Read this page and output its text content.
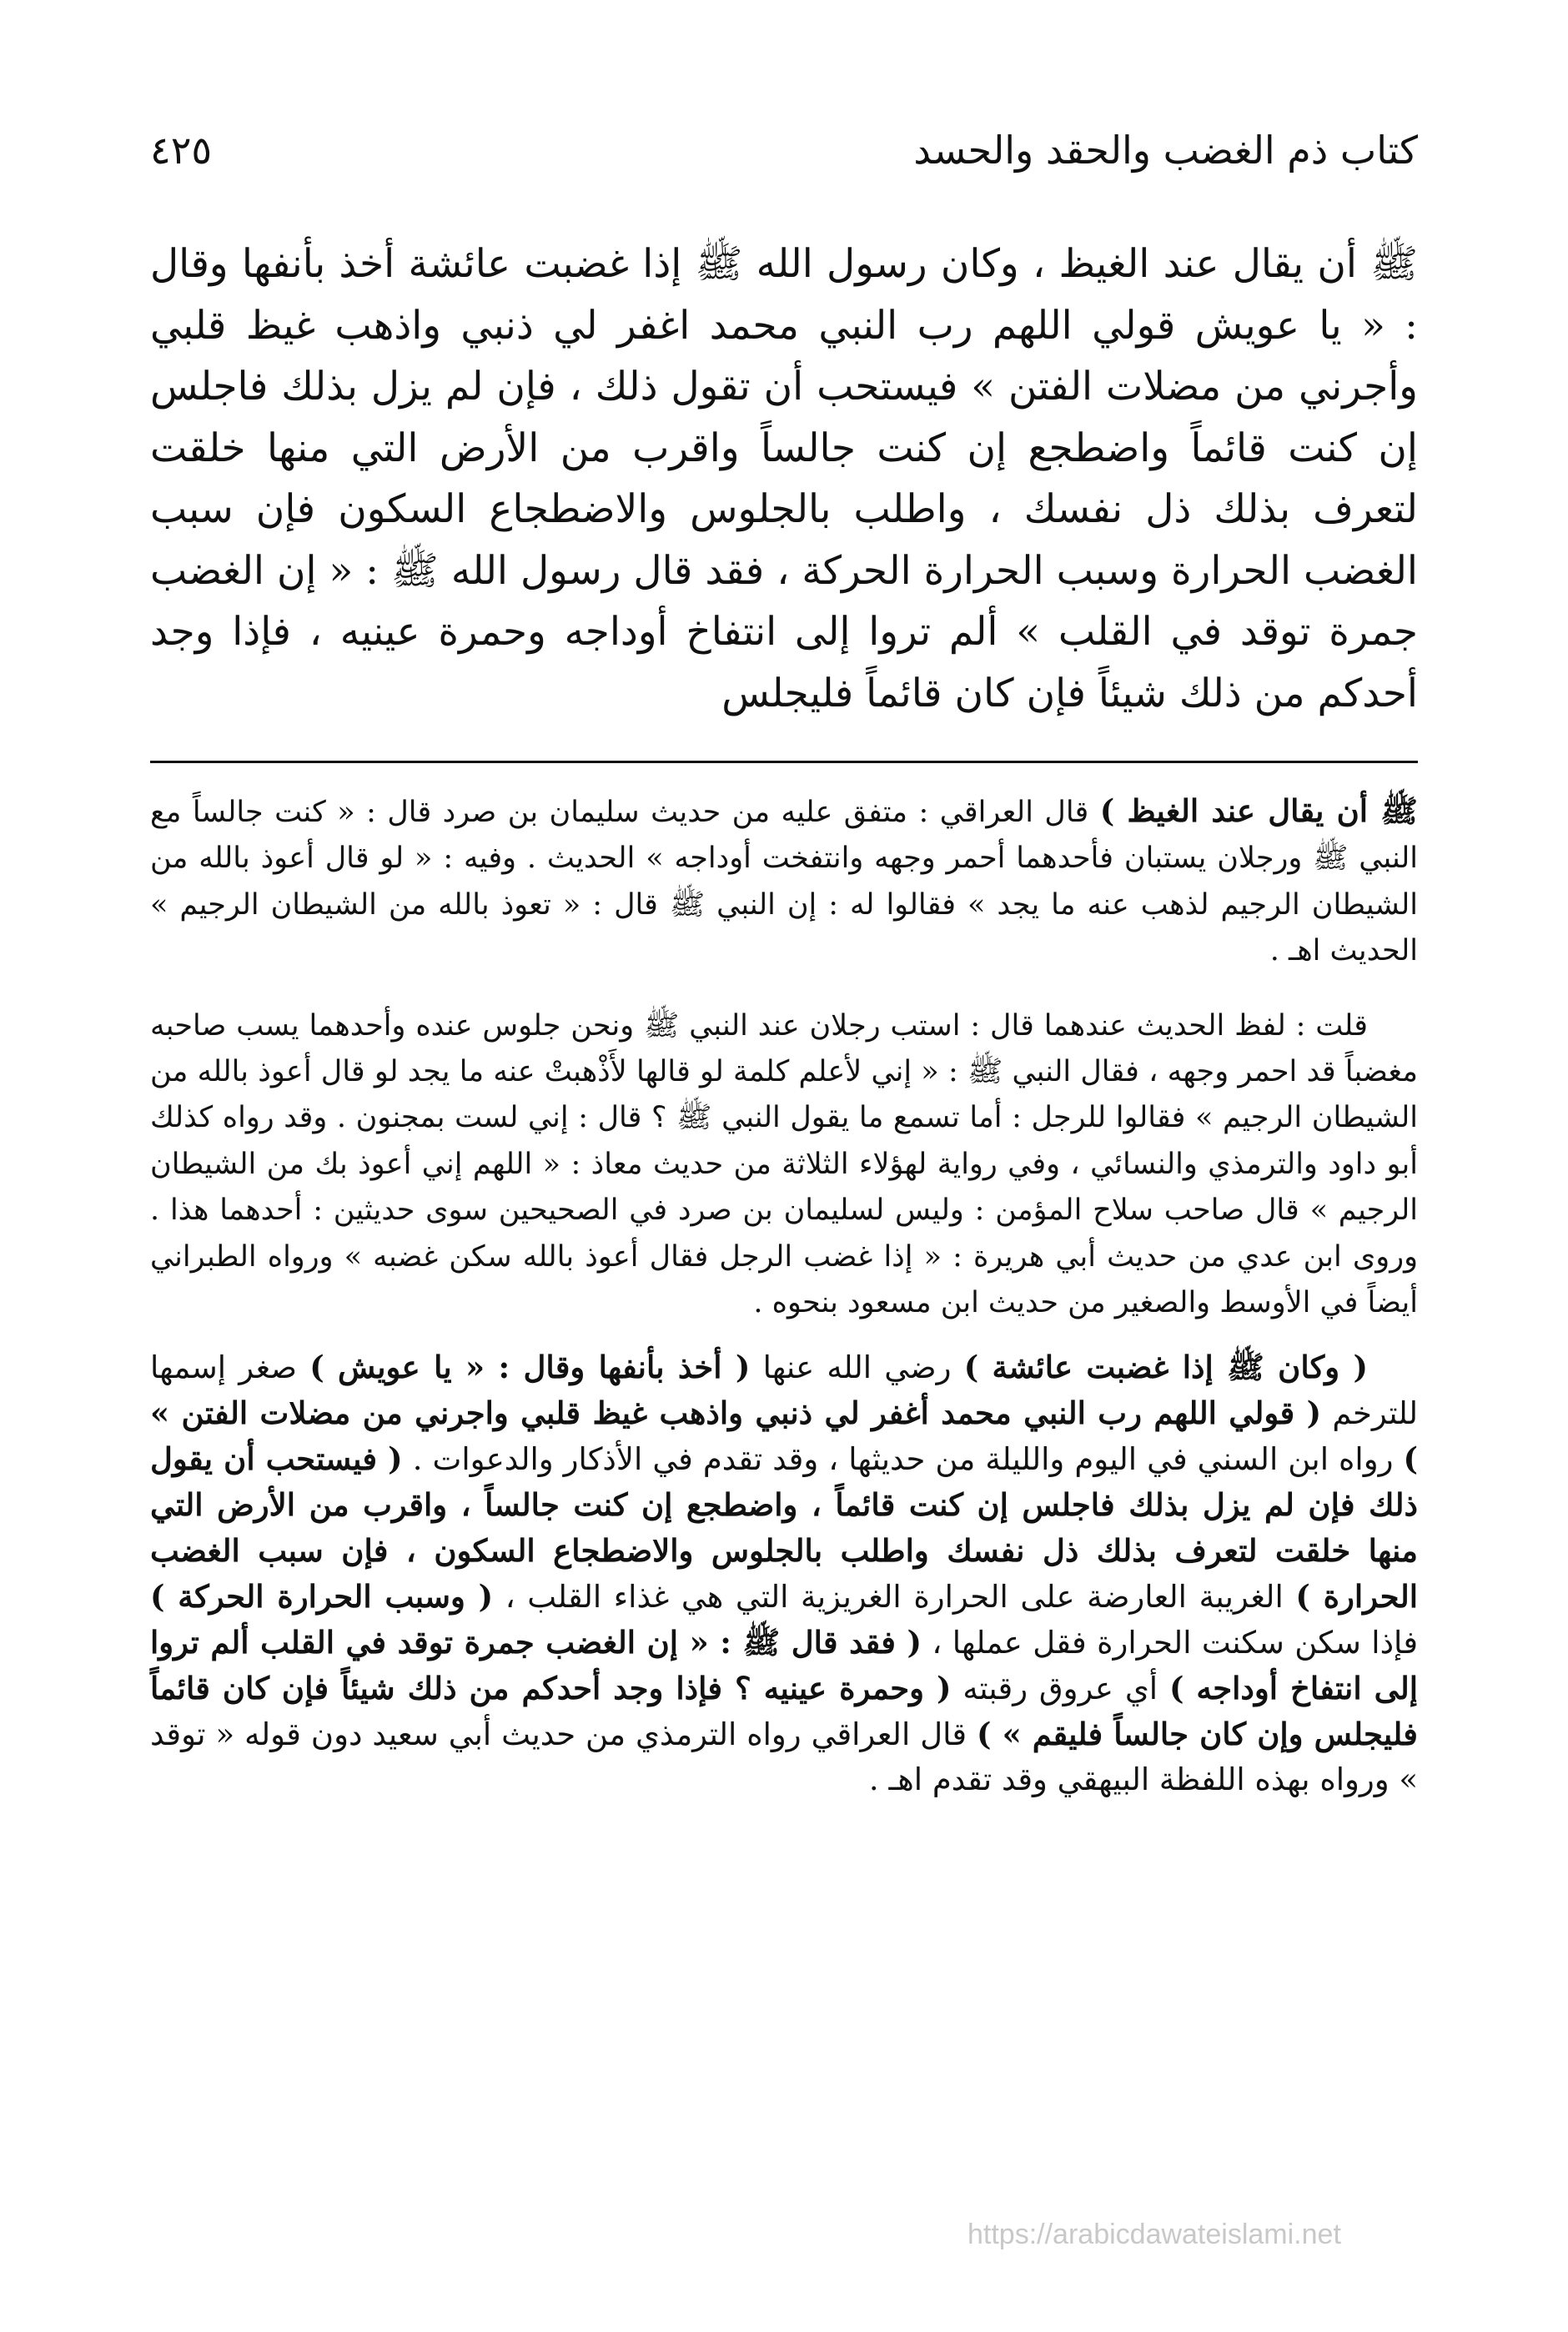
كتاب ذم الغضب والحقد والحسد
٤٢٥
ﷺ أن يقال عند الغيظ ، وكان رسول الله ﷺ إذا غضبت عائشة أخذ بأنفها وقال : « يا عويش قولي اللهم رب النبي محمد اغفر لي ذنبي واذهب غيظ قلبي وأجرني من مضلات الفتن » فيستحب أن تقول ذلك ، فإن لم يزل بذلك فاجلس إن كنت قائماً واضطجع إن كنت جالساً واقرب من الأرض التي منها خلقت لتعرف بذلك ذل نفسك ، واطلب بالجلوس والاضطجاع السكون فإن سبب الغضب الحرارة وسبب الحرارة الحركة ، فقد قال رسول الله ﷺ : « إن الغضب جمرة توقد في القلب » ألم تروا إلى انتفاخ أوداجه وحمرة عينيه ، فإذا وجد أحدكم من ذلك شيئاً فإن كان قائماً فليجلس

ﷺ أن يقال عند الغيظ ) قال العراقي : متفق عليه من حديث سليمان بن صرد قال : « كنت جالساً مع النبي ﷺ ورجلان يستبان فأحدهما أحمر وجهه وانتفخت أوداجه » الحديث . وفيه : « لو قال أعوذ بالله من الشيطان الرجيم لذهب عنه ما يجد » فقالوا له : إن النبي ﷺ قال : « تعوذ بالله من الشيطان الرجيم » الحديث اهـ .

قلت : لفظ الحديث عندهما قال : استب رجلان عند النبي ﷺ ونحن جلوس عنده وأحدهما يسب صاحبه مغضباً قد احمر وجهه ، فقال النبي ﷺ : « إني لأعلم كلمة لو قالها لأَذْهبتْ عنه ما يجد لو قال أعوذ بالله من الشيطان الرجيم » فقالوا للرجل : أما تسمع ما يقول النبي ﷺ ؟ قال : إني لست بمجنون . وقد رواه كذلك أبو داود والترمذي والنسائي ، وفي رواية لهؤلاء الثلاثة من حديث معاذ : « اللهم إني أعوذ بك من الشيطان الرجيم » قال صاحب سلاح المؤمن : وليس لسليمان بن صرد في الصحيحين سوى حديثين : أحدهما هذا . وروى ابن عدي من حديث أبي هريرة : « إذا غضب الرجل فقال أعوذ بالله سكن غضبه » ورواه الطبراني أيضاً في الأوسط والصغير من حديث ابن مسعود بنحوه .

( وكان ﷺ إذا غضبت عائشة ) رضي الله عنها ( أخذ بأنفها وقال : « يا عويش ) صغر إسمها للترخم ( قولي اللهم رب النبي محمد أغفر لي ذنبي واذهب غيظ قلبي واجرني من مضلات الفتن » ) رواه ابن السني في اليوم والليلة من حديثها ، وقد تقدم في الأذكار والدعوات . ( فيستحب أن يقول ذلك فإن لم يزل بذلك فاجلس إن كنت قائماً ، واضطجع إن كنت جالساً ، واقرب من الأرض التي منها خلقت لتعرف بذلك ذل نفسك واطلب بالجلوس والاضطجاع السكون ، فإن سبب الغضب الحرارة ) الغريبة العارضة على الحرارة الغريزية التي هي غذاء القلب ، ( وسبب الحرارة الحركة ) فإذا سكن سكنت الحرارة فقل عملها ، ( فقد قال ﷺ : « إن الغضب جمرة توقد في القلب ألم تروا إلى انتفاخ أوداجه ) أي عروق رقبته ( وحمرة عينيه ؟ فإذا وجد أحدكم من ذلك شيئاً فإن كان قائماً فليجلس وإن كان جالساً فليقم » ) قال العراقي رواه الترمذي من حديث أبي سعيد دون قوله « توقد » ورواه بهذه اللفظة البيهقي وقد تقدم اهـ .

https://arabicdawateislami.net
